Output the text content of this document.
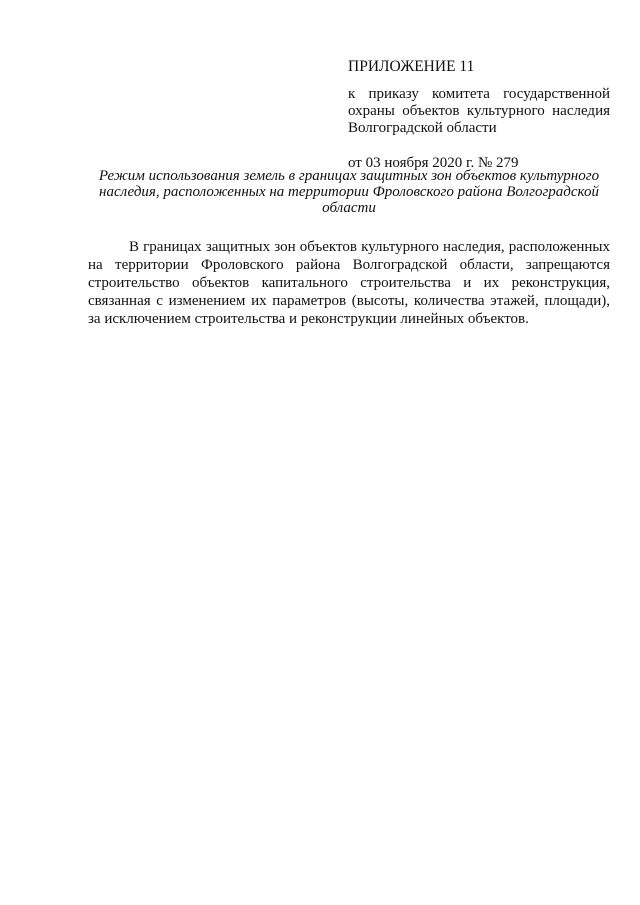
ПРИЛОЖЕНИЕ 11

к приказу комитета государственной охраны объектов культурного наследия Волгоградской области

от 03 ноября 2020 г. № 279

Режим использования земель в границах защитных зон объектов культурного наследия, расположенных на территории Фроловского района Волгоградской области

В границах защитных зон объектов культурного наследия, расположенных на территории Фроловского района Волгоградской области, запрещаются строительство объектов капитального строительства и их реконструкция, связанная с изменением их параметров (высоты, количества этажей, площади), за исключением строительства и реконструкции линейных объектов.
